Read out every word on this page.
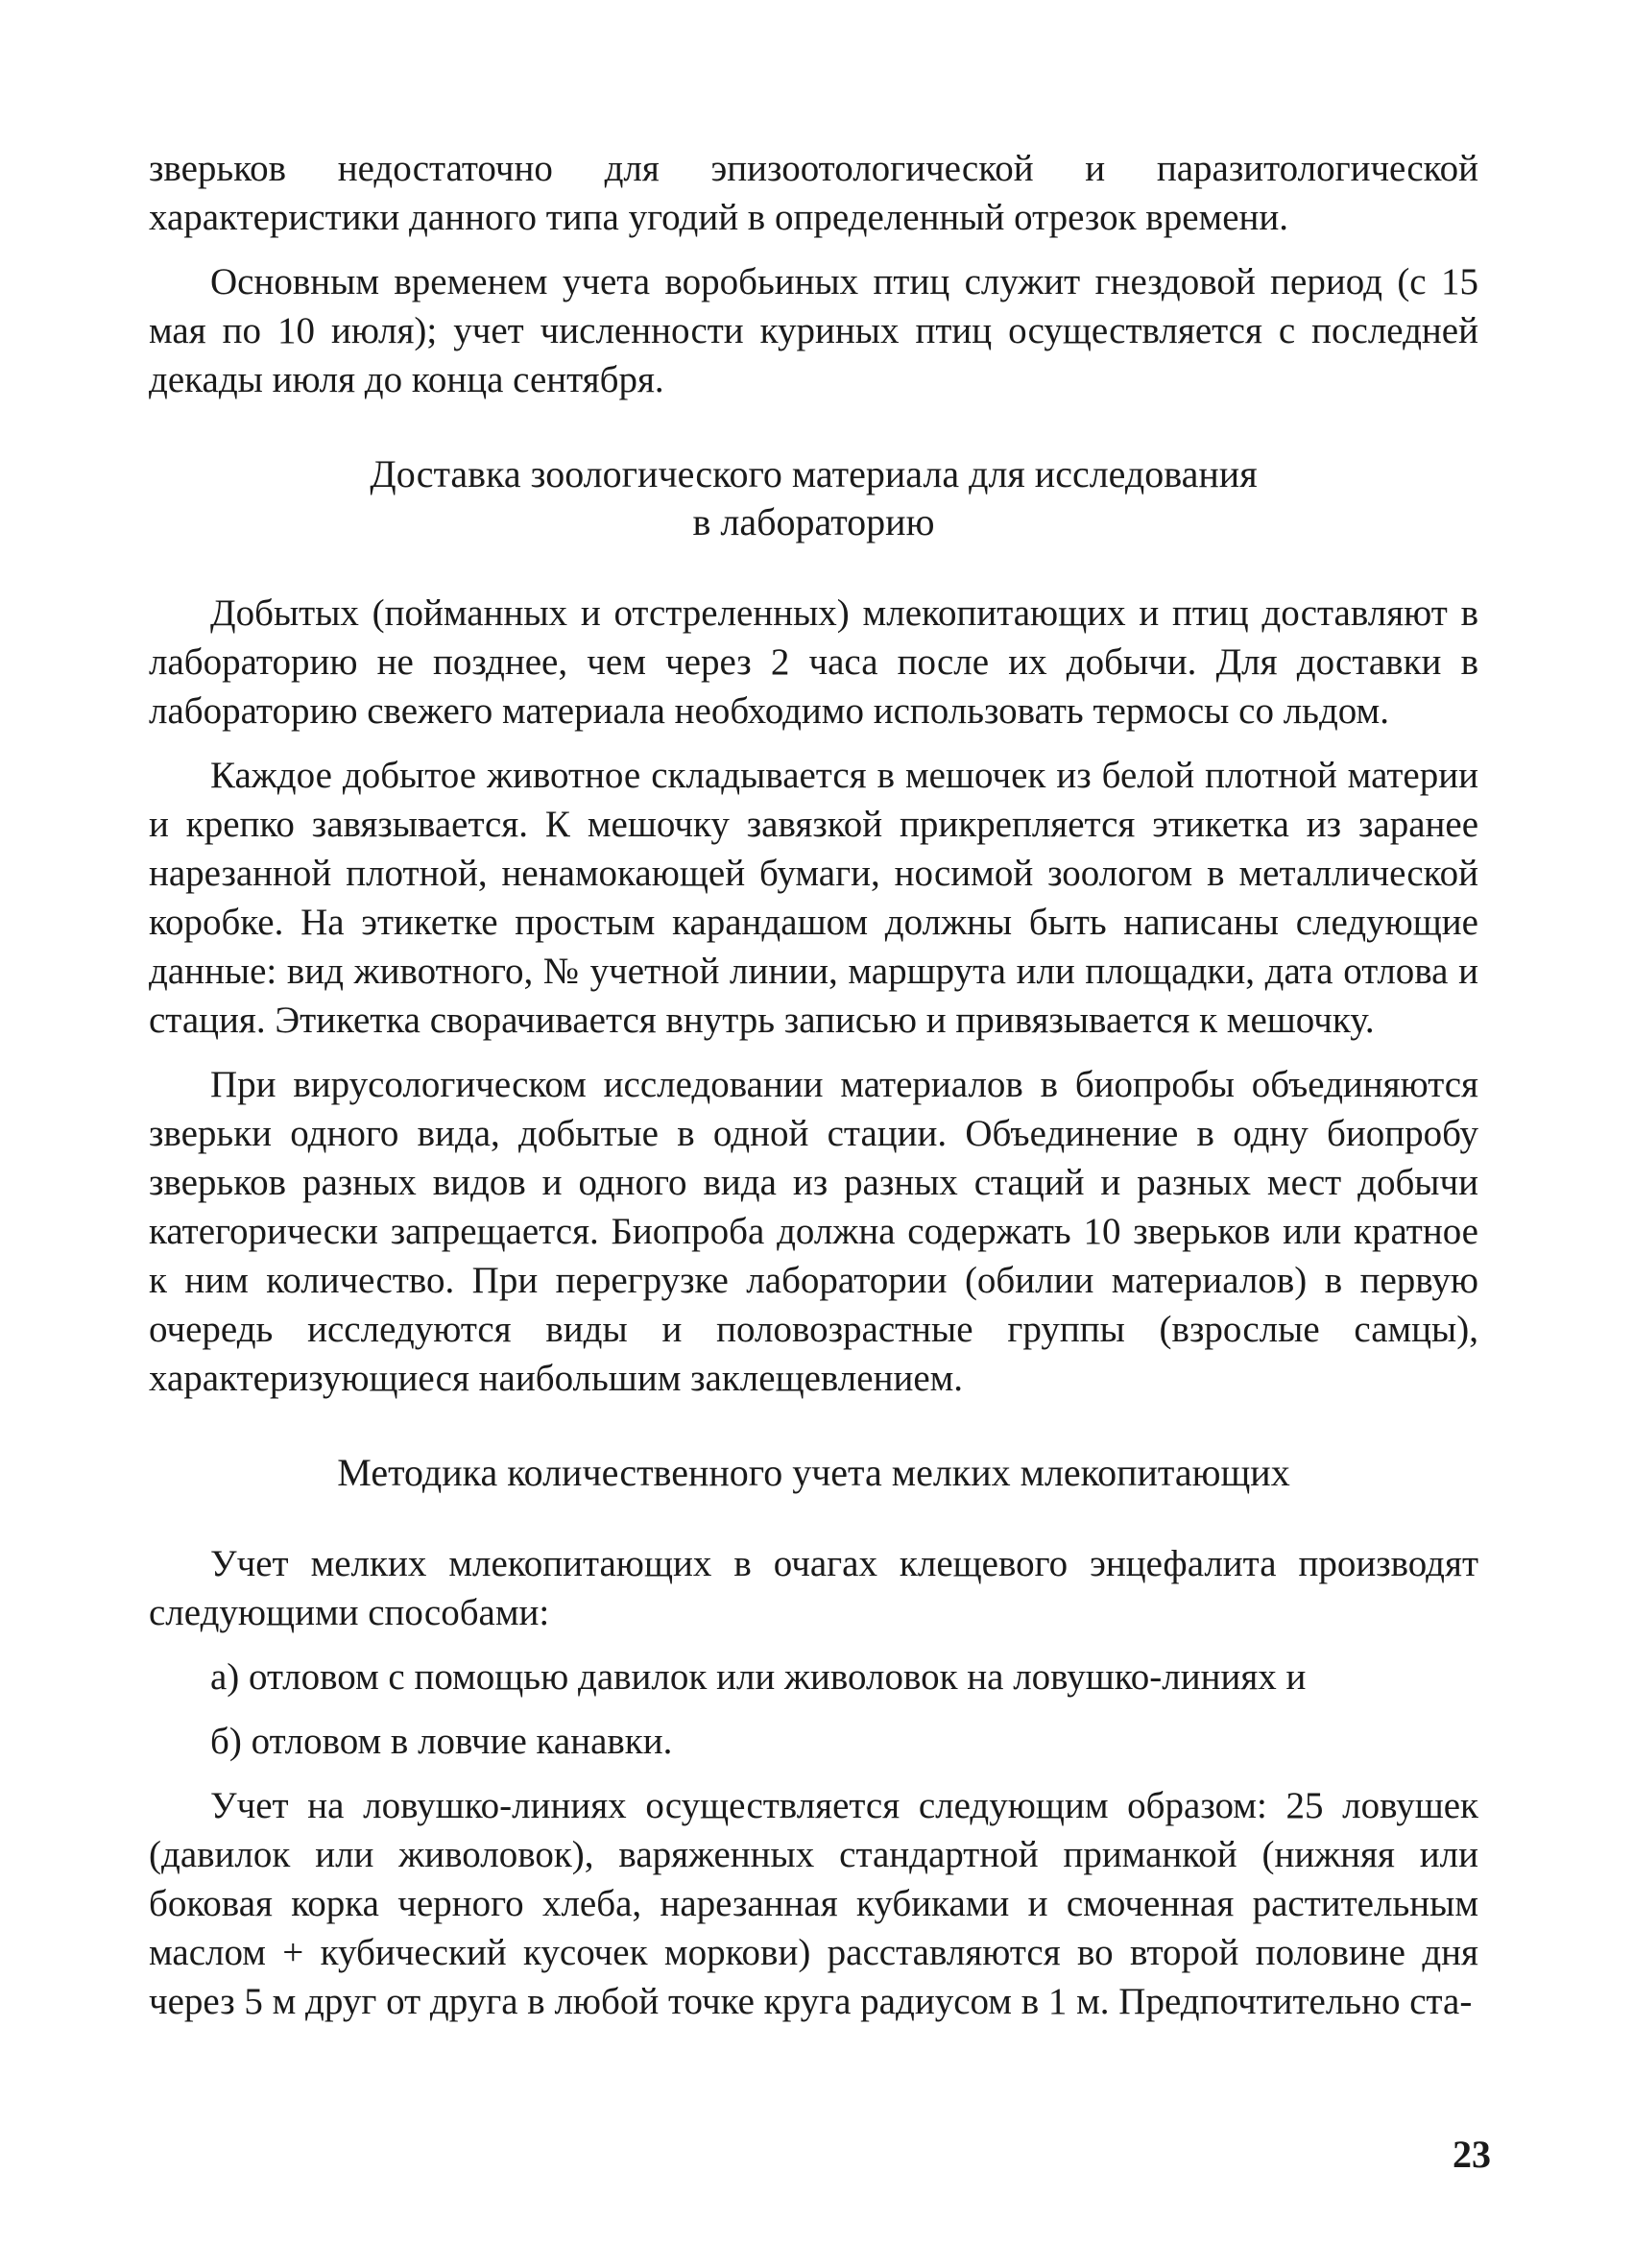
зверьков недостаточно для эпизоотологической и паразитологической характеристики данного типа угодий в определенный отрезок времени.

Основным временем учета воробьиных птиц служит гнездовой период (с 15 мая по 10 июля); учет численности куриных птиц осуществляется с последней декады июля до конца сентября.

Доставка зоологического материала для исследования
в лабораторию

Добытых (пойманных и отстреленных) млекопитающих и птиц доставляют в лабораторию не позднее, чем через 2 часа после их добычи. Для доставки в лабораторию свежего материала необходимо использовать термосы со льдом.

Каждое добытое животное складывается в мешочек из белой плотной материи и крепко завязывается. К мешочку завязкой прикрепляется этикетка из заранее нарезанной плотной, ненамокающей бумаги, носимой зоологом в металлической коробке. На этикетке простым карандашом должны быть написаны следующие данные: вид животного, № учетной линии, маршрута или площадки, дата отлова и стация. Этикетка сворачивается внутрь записью и привязывается к мешочку.

При вирусологическом исследовании материалов в биопробы объединяются зверьки одного вида, добытые в одной стации. Объединение в одну биопробу зверьков разных видов и одного вида из разных стаций и разных мест добычи категорически запрещается. Биопроба должна содержать 10 зверьков или кратное к ним количество. При перегрузке лаборатории (обилии материалов) в первую очередь исследуются виды и половозрастные группы (взрослые самцы), характеризующиеся наибольшим заклещевлением.

Методика количественного учета мелких млекопитающих

Учет мелких млекопитающих в очагах клещевого энцефалита производят следующими способами:

а) отловом с помощью давилок или живоловок на ловушко-линиях и

б) отловом в ловчие канавки.

Учет на ловушко-линиях осуществляется следующим образом: 25 ловушек (давилок или живоловок), варяженных стандартной приманкой (нижняя или боковая корка черного хлеба, нарезанная кубиками и смоченная растительным маслом + кубический кусочек моркови) расставляются во второй половине дня через 5 м друг от друга в любой точке круга радиусом в 1 м. Предпочтительно ста-

23
